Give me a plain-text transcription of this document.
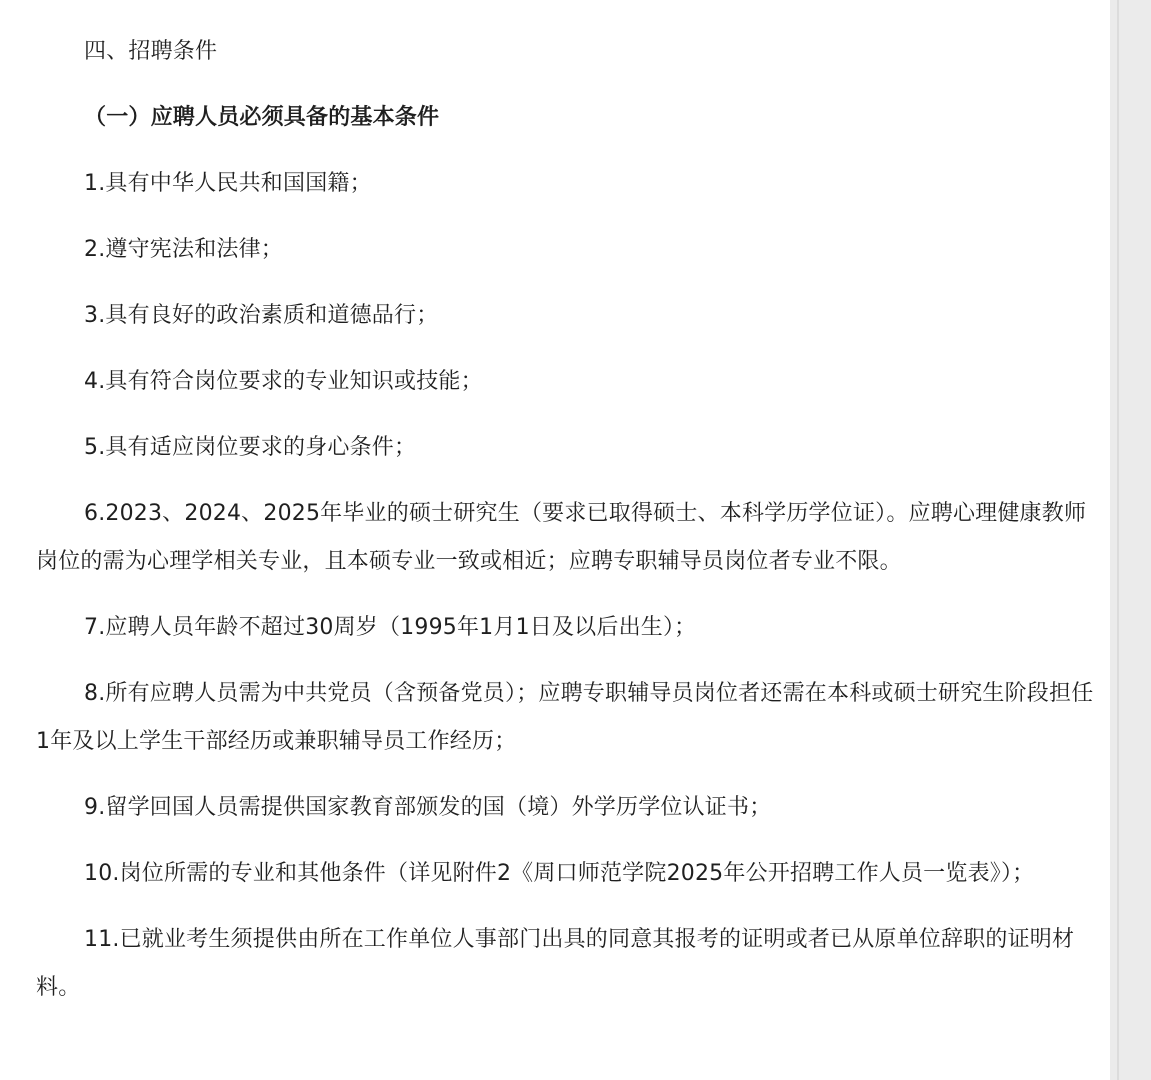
四、招聘条件

（一）应聘人员必须具备的基本条件

1.具有中华人民共和国国籍；

2.遵守宪法和法律；

3.具有良好的政治素质和道德品行；

4.具有符合岗位要求的专业知识或技能；

5.具有适应岗位要求的身心条件；

6.2023、2024、2025年毕业的硕士研究生（要求已取得硕士、本科学历学位证）。应聘心理健康教师岗位的需为心理学相关专业，且本硕专业一致或相近；应聘专职辅导员岗位者专业不限。

7.应聘人员年龄不超过30周岁（1995年1月1日及以后出生）；

8.所有应聘人员需为中共党员（含预备党员）；应聘专职辅导员岗位者还需在本科或硕士研究生阶段担任1年及以上学生干部经历或兼职辅导员工作经历；

9.留学回国人员需提供国家教育部颁发的国（境）外学历学位认证书；

10.岗位所需的专业和其他条件（详见附件2《周口师范学院2025年公开招聘工作人员一览表》）；

11.已就业考生须提供由所在工作单位人事部门出具的同意其报考的证明或者已从原单位辞职的证明材料。
